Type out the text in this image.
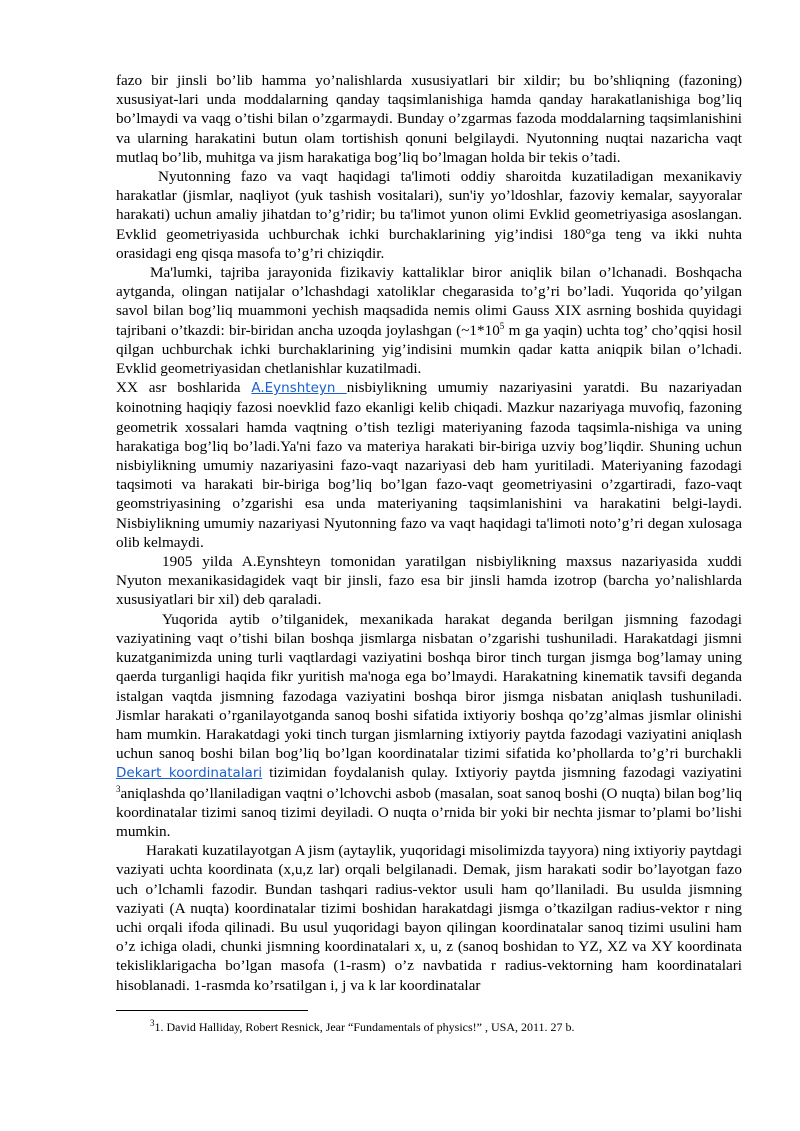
fazo bir jinsli bo’lib hamma yo’nalishlarda xususiyatlari bir xildir; bu bo’shliqning (fazoning) xususiyat-lari unda moddalarning qanday taqsimlanishiga hamda qanday harakatlanishiga bog’liq bo’lmaydi va vaqg o’tishi bilan o’zgarmaydi. Bunday o’zgarmas fazoda moddalarning taqsimlanishini va ularning harakatini butun olam tortishish qonuni belgilaydi. Nyutonning nuqtai nazaricha vaqt mutlaq bo’lib, muhitga va jism harakatiga bog’liq bo’lmagan holda bir tekis o’tadi.

Nyutonning fazo va vaqt haqidagi ta'limoti oddiy sharoitda kuzatiladigan mexanikaviy harakatlar (jismlar, naqliyot (yuk tashish vositalari), sun'iy yo’ldoshlar, fazoviy kemalar, sayyoralar harakati) uchun amaliy jihatdan to’g’ridir; bu ta'limot yunon olimi Evklid geometriyasiga asoslangan. Evklid geometriyasida uchburchak ichki burchaklarining yig’indisi 180°ga teng va ikki nuhta orasidagi eng qisqa masofa to’g’ri chiziqdir.

Ma'lumki, tajriba jarayonida fizikaviy kattaliklar biror aniqlik bilan o’lchanadi. Boshqacha aytganda, olingan natijalar o’lchashdagi xatoliklar chegarasida to’g’ri bo’ladi. Yuqorida qo’yilgan savol bilan bog’liq muammoni yechish maqsadida nemis olimi Gauss XIX asrning boshida quyidagi tajribani o’tkazdi: bir-biridan ancha uzoqda joylashgan ($\sim 1*10^5$ m ga yaqin) uchta tog’ cho’qqisi hosil qilgan uchburchak ichki burchaklarining yig’indisini mumkin qadar katta aniqpik bilan o’lchadi. Evklid geometriyasidan chetlanishlar kuzatilmadi.

XX asr boshlarida A.Eynshteyn nisbiylikning umumiy nazariyasini yaratdi. Bu nazariyadan koinotning haqiqiy fazosi noevklid fazo ekanligi kelib chiqadi. Mazkur nazariyaga muvofiq, fazoning geometrik xossalari hamda vaqtning o’tish tezligi materiyaning fazoda taqsimla-nishiga va uning harakatiga bog’liq bo’ladi.Ya'ni fazo va materiya harakati bir-biriga uzviy bog’liqdir. Shuning uchun nisbiylikning umumiy nazariyasini fazo-vaqt nazariyasi deb ham yuritiladi. Materiyaning fazodagi taqsimoti va harakati bir-biriga bog’liq bo’lgan fazo-vaqt geometriyasini o’zgartiradi, fazo-vaqt geomstriyasining o’zgarishi esa unda materiyaning taqsimlanishini va harakatini belgi-laydi. Nisbiylikning umumiy nazariyasi Nyutonning fazo va vaqt haqidagi ta'limoti noto’g’ri degan xulosaga olib kelmaydi.

1905 yilda A.Eynshteyn tomonidan yaratilgan nisbiylikning maxsus nazariyasida xuddi Nyuton mexanikasidagidek vaqt bir jinsli, fazo esa bir jinsli hamda izotrop (barcha yo’nalishlarda xususiyatlari bir xil) deb qaraladi.

Yuqorida aytib o’tilganidek, mexanikada harakat deganda berilgan jismning fazodagi vaziyatining vaqt o’tishi bilan boshqa jismlarga nisbatan o’zgarishi tushuniladi. Harakatdagi jismni kuzatganimizda uning turli vaqtlardagi vaziyatini boshqa biror tinch turgan jismga bog’lamay uning qaerda turganligi haqida fikr yuritish ma'noga ega bo’lmaydi. Harakatning kinematik tavsifi deganda istalgan vaqtda jismning fazodaga vaziyatini boshqa biror jismga nisbatan aniqlash tushuniladi. Jismlar harakati o’rganilayotganda sanoq boshi sifatida ixtiyoriy boshqa qo’zg’almas jismlar olinishi ham mumkin. Harakatdagi yoki tinch turgan jismlarning ixtiyoriy paytda fazodagi vaziyatini aniqlash uchun sanoq boshi bilan bog’liq bo’lgan koordinatalar tizimi sifatida ko’phollarda to’g’ri burchakli Dekart koordinatalari tizimidan foydalanish qulay. Ixtiyoriy paytda jismning fazodagi vaziyatini $^3$aniqlashda qo’llaniladigan vaqtni o’lchovchi asbob (masalan, soat sanoq boshi (O nuqta) bilan bog’liq koordinatalar tizimi sanoq tizimi deyiladi. O nuqta o’rnida bir yoki bir nechta jismar to’plami bo’lishi mumkin.

Harakati kuzatilayotgan A jism (aytaylik, yuqoridagi misolimizda tayyora) ning ixtiyoriy paytdagi vaziyati uchta koordinata (x,u,z lar) orqali belgilanadi. Demak, jism harakati sodir bo’layotgan fazo uch o’lchamli fazodir. Bundan tashqari radius-vektor usuli ham qo’llaniladi. Bu usulda jismning vaziyati (A nuqta) koordinatalar tizimi boshidan harakatdagi jismga o’tkazilgan radius-vektor r ning uchi orqali ifoda qilinadi. Bu usul yuqoridagi bayon qilingan koordinatalar sanoq tizimi usulini ham o’z ichiga oladi, chunki jismning koordinatalari x, u, z (sanoq boshidan to YZ, XZ va XY koordinata tekisliklarigacha bo’lgan masofa (1-rasm) o’z navbatida r radius-vektorning ham koordinatalari hisoblanadi. 1-rasmda ko’rsatilgan i, j va k lar koordinatalar

$^3$1. David Halliday, Robert Resnick, Jear “Fundamentals of physics!” , USA, 2011. 27 b.
